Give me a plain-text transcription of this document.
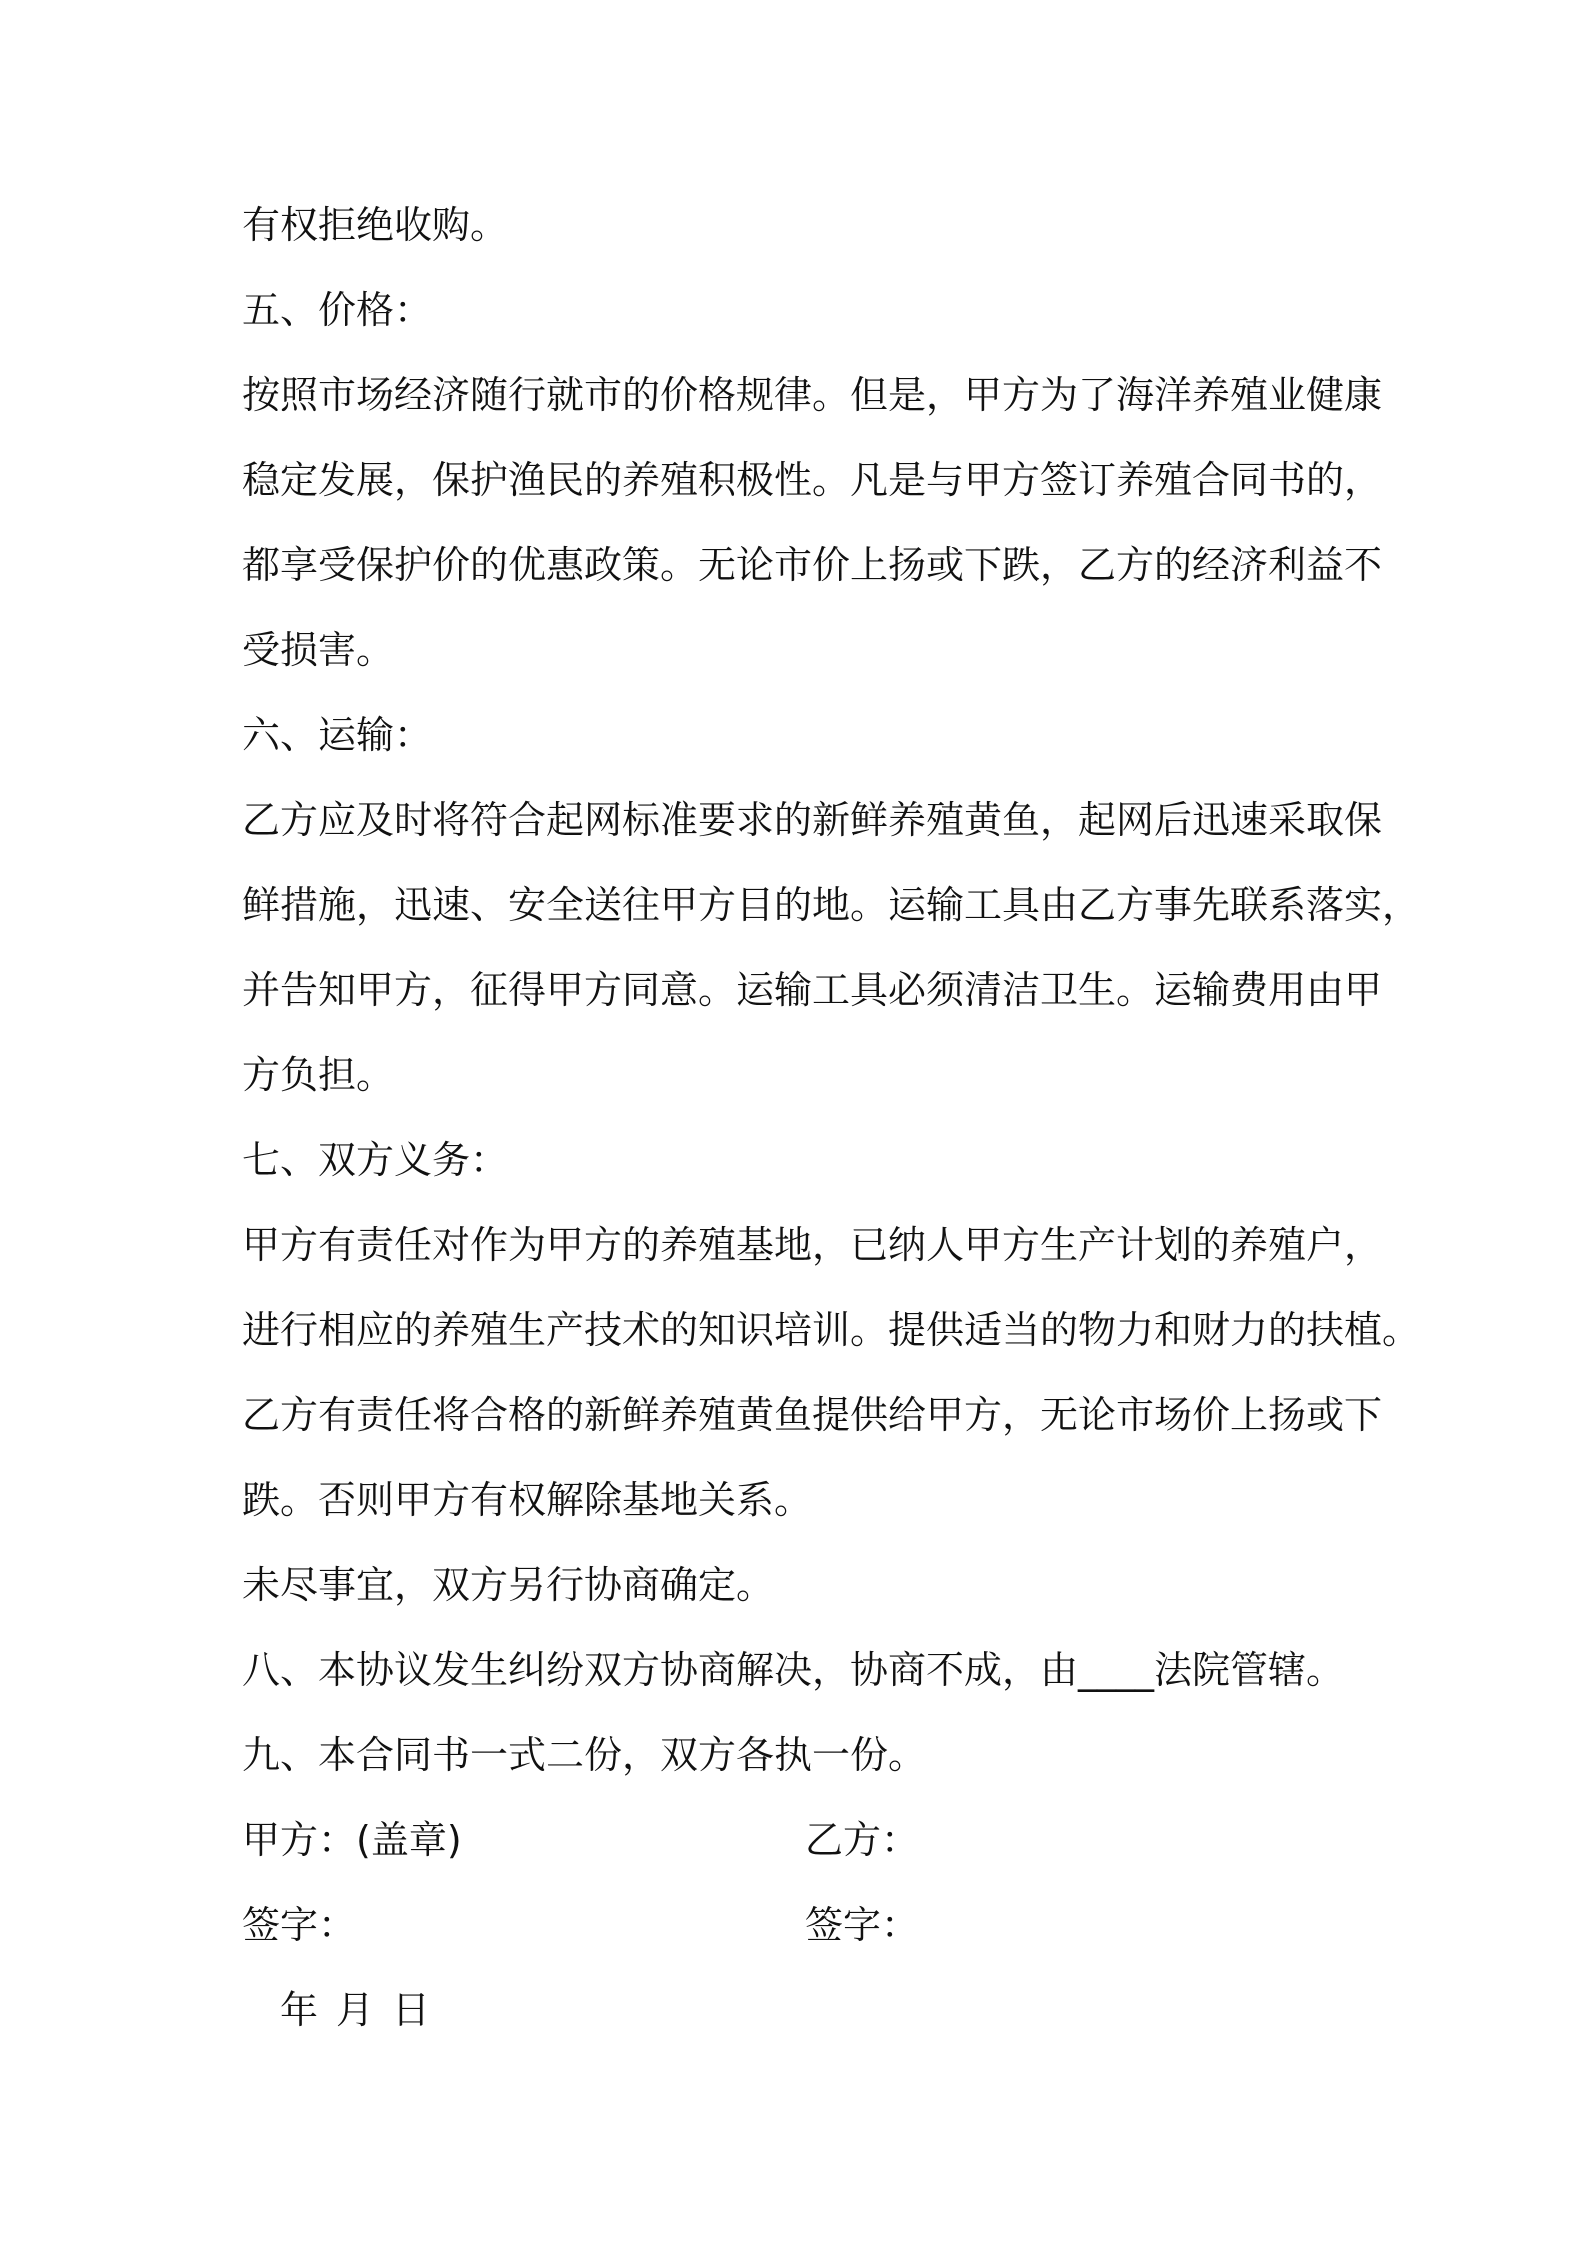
有权拒绝收购。
五、价格：
按照市场经济随行就市的价格规律。但是，甲方为了海洋养殖业健康
稳定发展，保护渔民的养殖积极性。凡是与甲方签订养殖合同书的，
都享受保护价的优惠政策。无论市价上扬或下跌，乙方的经济利益不
受损害。
六、运输：
乙方应及时将符合起网标准要求的新鲜养殖黄鱼，起网后迅速采取保
鲜措施，迅速、安全送往甲方目的地。运输工具由乙方事先联系落实，
并告知甲方，征得甲方同意。运输工具必须清洁卫生。运输费用由甲
方负担。
七、双方义务：
甲方有责任对作为甲方的养殖基地，已纳人甲方生产计划的养殖户，
进行相应的养殖生产技术的知识培训。提供适当的物力和财力的扶植。
乙方有责任将合格的新鲜养殖黄鱼提供给甲方，无论市场价上扬或下
跌。否则甲方有权解除基地关系。
未尽事宜，双方另行协商确定。
八、本协议发生纠纷双方协商解决，协商不成，由____法院管辖。
九、本合同书一式二份，双方各执一份。
甲方：(盖章)	乙方：
签字：	签字：
年 月 日
